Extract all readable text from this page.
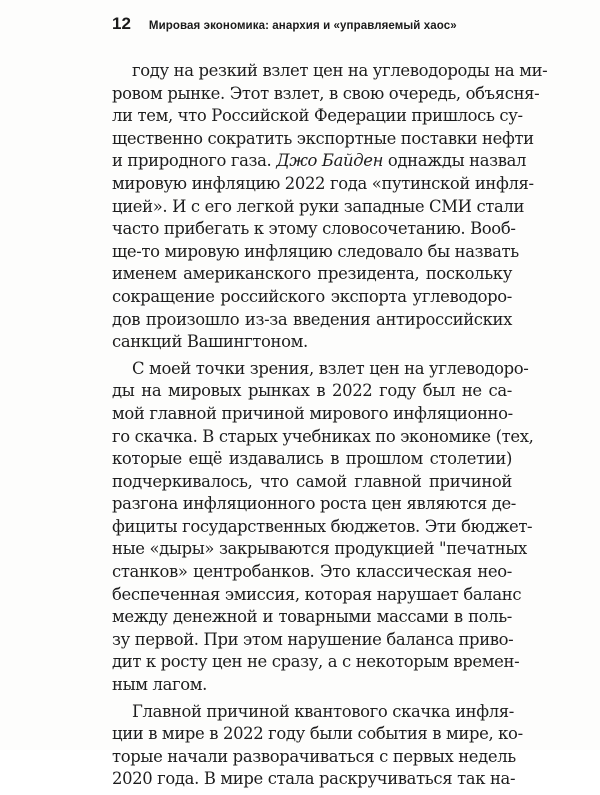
12 Мировая экономика: анархия и «управляемый хаос»
году на резкий взлет цен на углеводороды на ми-
ровом рынке. Этот взлет, в свою очередь, объясня-
ли тем, что Российской Федерации пришлось су-
щественно сократить экспортные поставки нефти
и природного газа. Джо Байден однажды назвал
мировую инфляцию 2022 года «путинской инфля-
цией». И с его легкой руки западные СМИ стали
часто прибегать к этому словосочетанию. Вооб-
ще-то мировую инфляцию следовало бы назвать
именем американского президента, поскольку
сокращение российского экспорта углеводоро-
дов произошло из-за введения антироссийских
санкций Вашингтоном.
С моей точки зрения, взлет цен на углеводоро-
ды на мировых рынках в 2022 году был не са-
мой главной причиной мирового инфляционно-
го скачка. В старых учебниках по экономике (тех,
которые ещё издавались в прошлом столетии)
подчеркивалось, что самой главной причиной
разгона инфляционного роста цен являются де-
фициты государственных бюджетов. Эти бюджет-
ные «дыры» закрываются продукцией "печатных
станков» центробанков. Это классическая нео-
беспеченная эмиссия, которая нарушает баланс
между денежной и товарными массами в поль-
зу первой. При этом нарушение баланса приво-
дит к росту цен не сразу, а с некоторым времен-
ным лагом.
Главной причиной квантового скачка инфля-
ции в мире в 2022 году были события в мире, ко-
торые начали разворачиваться с первых недель
2020 года. В мире стала раскручиваться так на-
